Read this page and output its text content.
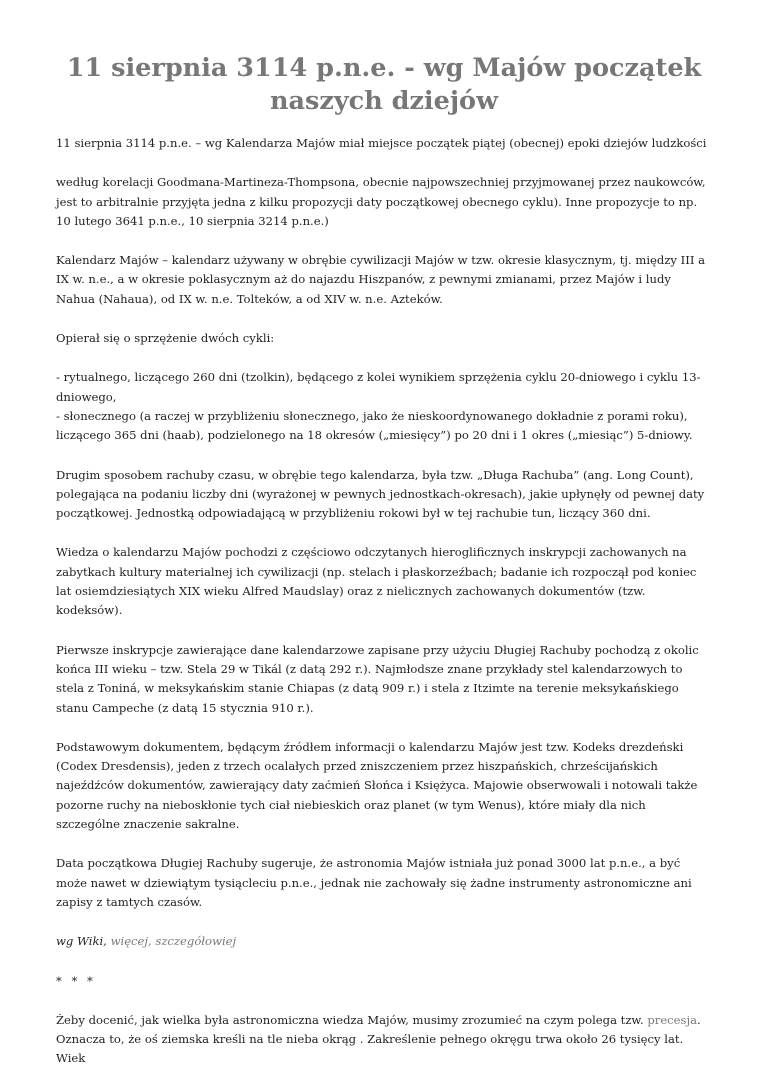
11 sierpnia 3114 p.n.e. - wg Majów początek naszych dziejów

11 sierpnia 3114 p.n.e. – wg Kalendarza Majów miał miejsce początek piątej (obecnej) epoki dziejów ludzkości

według korelacji Goodmana-Martineza-Thompsona, obecnie najpowszechniej przyjmowanej przez naukowców, jest to arbitralnie przyjęta jedna z kilku propozycji daty początkowej obecnego cyklu). Inne propozycje to np. 10 lutego 3641 p.n.e., 10 sierpnia 3214 p.n.e.)

Kalendarz Majów – kalendarz używany w obrębie cywilizacji Majów w tzw. okresie klasycznym, tj. między III a IX w. n.e., a w okresie poklasycznym aż do najazdu Hiszpanów, z pewnymi zmianami, przez Majów i ludy Nahua (Nahaua), od IX w. n.e. Tolteków, a od XIV w. n.e. Azteków.

Opierał się o sprzężenie dwóch cykli:

- rytualnego, liczącego 260 dni (tzolkin), będącego z kolei wynikiem sprzężenia cyklu 20-dniowego i cyklu 13-dniowego,
- słonecznego (a raczej w przybliżeniu słonecznego, jako że nieskoordynowanego dokładnie z porami roku), liczącego 365 dni (haab), podzielonego na 18 okresów („miesięcy”) po 20 dni i 1 okres („miesiąc”) 5-dniowy.

Drugim sposobem rachuby czasu, w obrębie tego kalendarza, była tzw. „Długa Rachuba” (ang. Long Count), polegająca na podaniu liczby dni (wyrażonej w pewnych jednostkach-okresach), jakie upłynęły od pewnej daty początkowej. Jednostką odpowiadającą w przybliżeniu rokowi był w tej rachubie tun, liczący 360 dni.

Wiedza o kalendarzu Majów pochodzi z częściowo odczytanych hieroglificznych inskrypcji zachowanych na zabytkach kultury materialnej ich cywilizacji (np. stelach i płaskorzeźbach; badanie ich rozpoczął pod koniec lat osiemdziesiątych XIX wieku Alfred Maudslay) oraz z nielicznych zachowanych dokumentów (tzw. kodeksów).

Pierwsze inskrypcje zawierające dane kalendarzowe zapisane przy użyciu Długiej Rachuby pochodzą z okolic końca III wieku – tzw. Stela 29 w Tikál (z datą 292 r.). Najmłodsze znane przykłady stel kalendarzowych to stela z Toniná, w meksykańskim stanie Chiapas (z datą 909 r.) i stela z Itzimte na terenie meksykańskiego stanu Campeche (z datą 15 stycznia 910 r.).

Podstawowym dokumentem, będącym źródłem informacji o kalendarzu Majów jest tzw. Kodeks drezdeński (Codex Dresdensis), jeden z trzech ocalałych przed zniszczeniem przez hiszpańskich, chrześcijańskich najeźdźców dokumentów, zawierający daty zaćmień Słońca i Księżyca. Majowie obserwowali i notowali także pozorne ruchy na nieboskłonie tych ciał niebieskich oraz planet (w tym Wenus), które miały dla nich szczególne znaczenie sakralne.

Data początkowa Długiej Rachuby sugeruje, że astronomia Majów istniała już ponad 3000 lat p.n.e., a być może nawet w dziewiątym tysiącleciu p.n.e., jednak nie zachowały się żadne instrumenty astronomiczne ani zapisy z tamtych czasów.

wg Wiki, więcej, szczegółowiej

* * *

Żeby docenić, jak wielka była astronomiczna wiedza Majów, musimy zrozumieć na czym polega tzw. precesja. Oznacza to, że oś ziemska kreśli na tle nieba okrąg . Zakreślenie pełnego okręgu trwa około 26 tysięcy lat. Wiek
